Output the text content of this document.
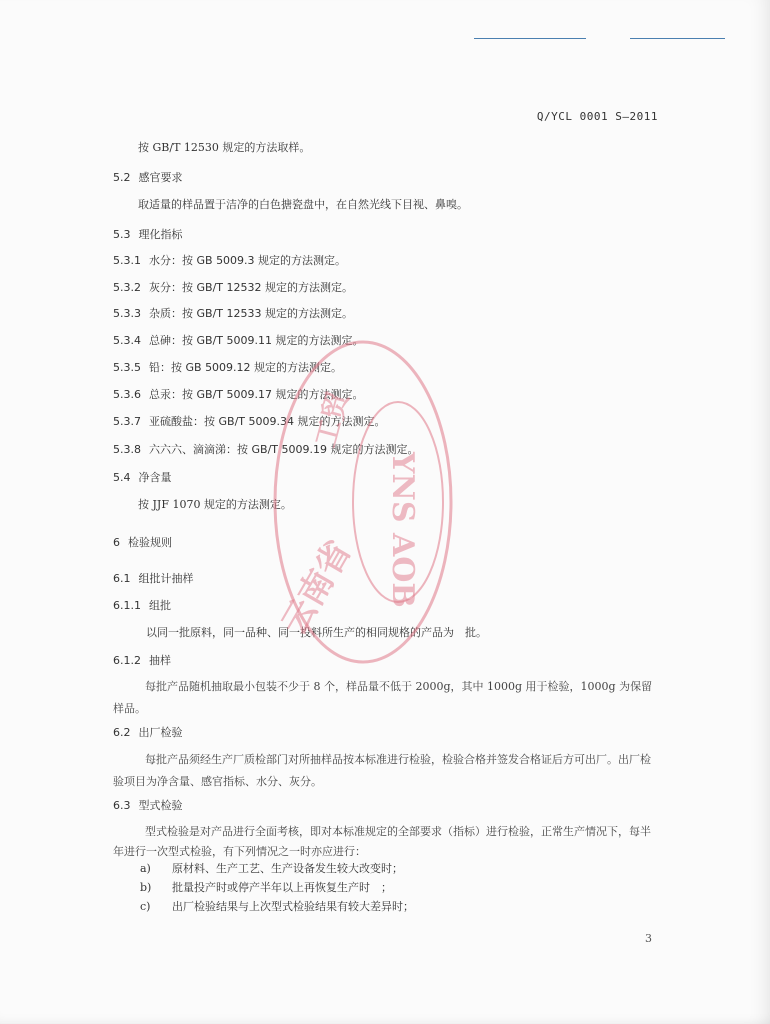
Q/YCL 0001 S—2011
按 GB/T 12530 规定的方法取样。
5.2 感官要求
取适量的样品置于洁净的白色搪瓷盘中，在自然光线下目视、鼻嗅。
5.3 理化指标
5.3.1 水分：按 GB 5009.3 规定的方法测定。
5.3.2 灰分：按 GB/T 12532 规定的方法测定。
5.3.3 杂质：按 GB/T 12533 规定的方法测定。
5.3.4 总砷：按 GB/T 5009.11 规定的方法测定。
5.3.5 铅：按 GB 5009.12 规定的方法测定。
5.3.6 总汞：按 GB/T 5009.17 规定的方法测定。
5.3.7 亚硫酸盐：按 GB/T 5009.34 规定的方法测定。
5.3.8 六六六、滴滴涕：按 GB/T 5009.19 规定的方法测定。
5.4 净含量
按 JJF 1070 规定的方法测定。
6 检验规则
6.1 组批计抽样
6.1.1 组批
以同一批原料，同一品种、同一投料所生产的相同规格的产品为　批。
6.1.2 抽样
每批产品随机抽取最小包装不少于 8 个，样品量不低于 2000g，其中 1000g 用于检验，1000g 为保留样品。
6.2 出厂检验
每批产品须经生产厂质检部门对所抽样品按本标准进行检验，检验合格并签发合格证后方可出厂。出厂检验项目为净含量、感官指标、水分、灰分。
6.3 型式检验
型式检验是对产品进行全面考核，即对本标准规定的全部要求（指标）进行检验，正常生产情况下，每半年进行一次型式检验，有下列情况之一时亦应进行：
a) 原材料、生产工艺、生产设备发生较大改变时；
b) 批量投产时或停产半年以上再恢复生产时　；
c) 出厂检验结果与上次型式检验结果有较大差异时；
3
云南省
工贸
YNS AOB
